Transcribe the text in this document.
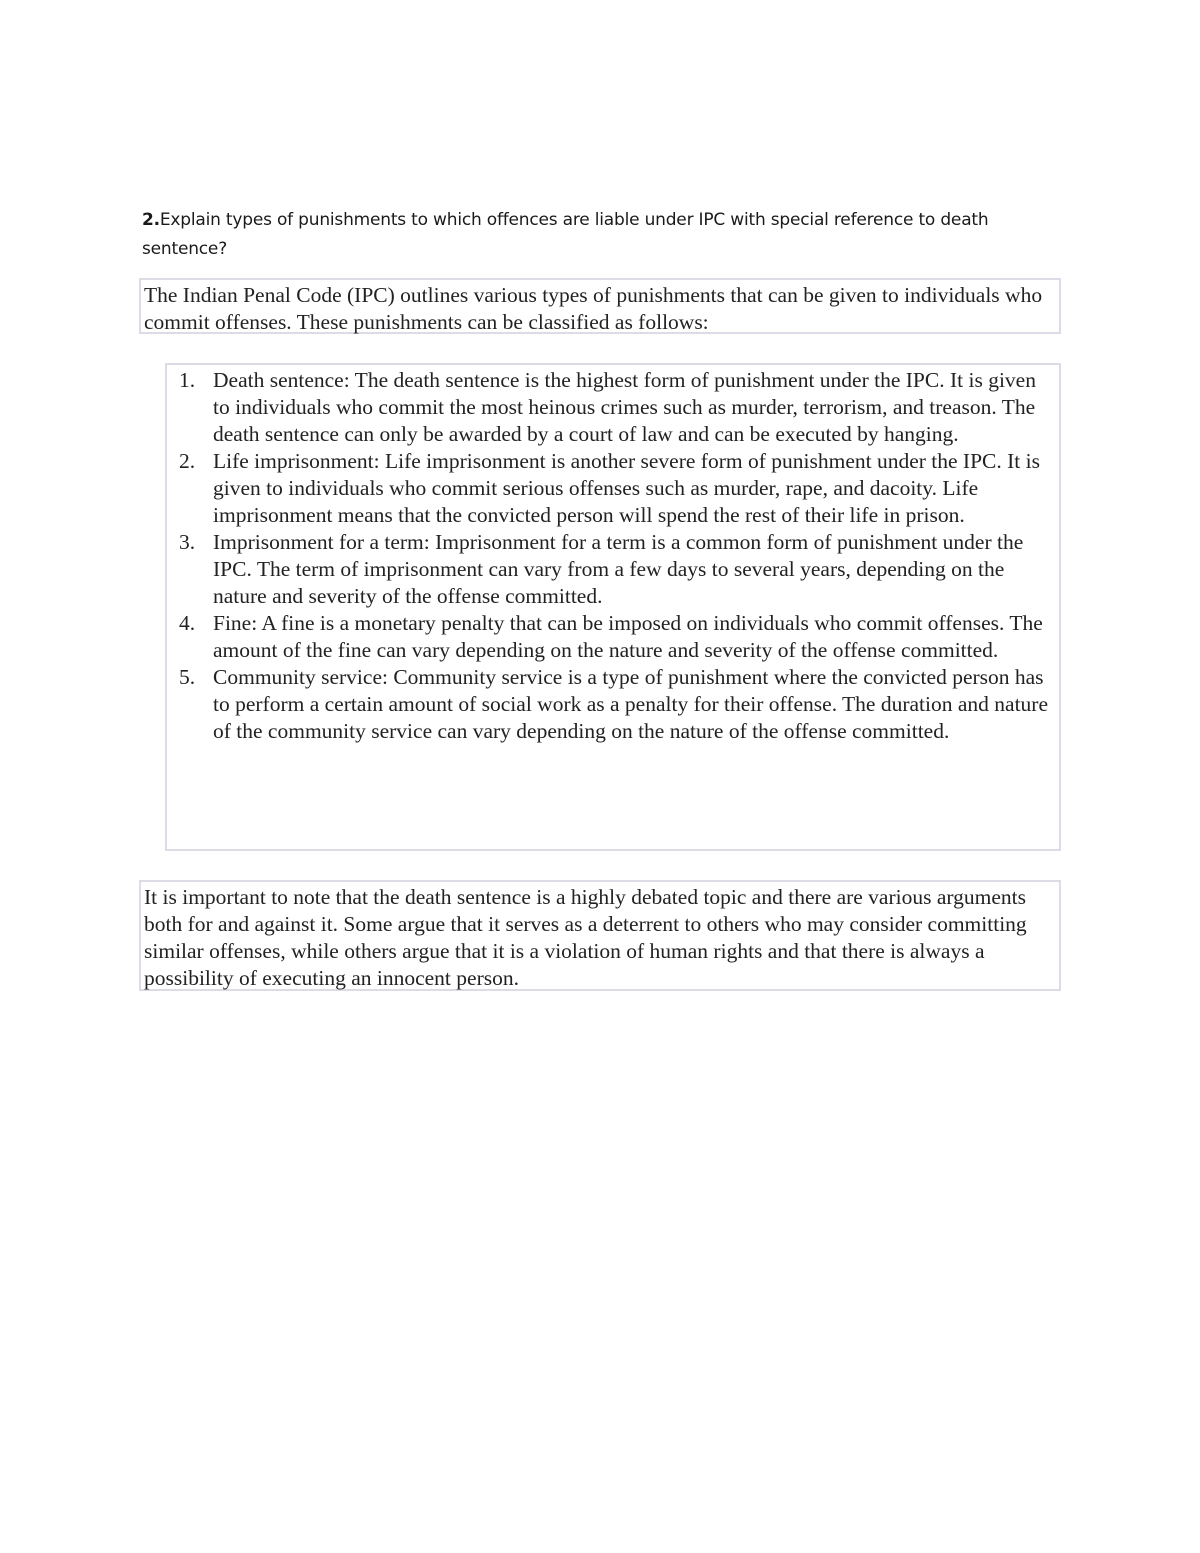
2.Explain types of punishments to which offences are liable under IPC with special reference to death sentence?
The Indian Penal Code (IPC) outlines various types of punishments that can be given to individuals who commit offenses. These punishments can be classified as follows:
1. Death sentence: The death sentence is the highest form of punishment under the IPC. It is given to individuals who commit the most heinous crimes such as murder, terrorism, and treason. The death sentence can only be awarded by a court of law and can be executed by hanging.
2. Life imprisonment: Life imprisonment is another severe form of punishment under the IPC. It is given to individuals who commit serious offenses such as murder, rape, and dacoity. Life imprisonment means that the convicted person will spend the rest of their life in prison.
3. Imprisonment for a term: Imprisonment for a term is a common form of punishment under the IPC. The term of imprisonment can vary from a few days to several years, depending on the nature and severity of the offense committed.
4. Fine: A fine is a monetary penalty that can be imposed on individuals who commit offenses. The amount of the fine can vary depending on the nature and severity of the offense committed.
5. Community service: Community service is a type of punishment where the convicted person has to perform a certain amount of social work as a penalty for their offense. The duration and nature of the community service can vary depending on the nature of the offense committed.
It is important to note that the death sentence is a highly debated topic and there are various arguments both for and against it. Some argue that it serves as a deterrent to others who may consider committing similar offenses, while others argue that it is a violation of human rights and that there is always a possibility of executing an innocent person.
